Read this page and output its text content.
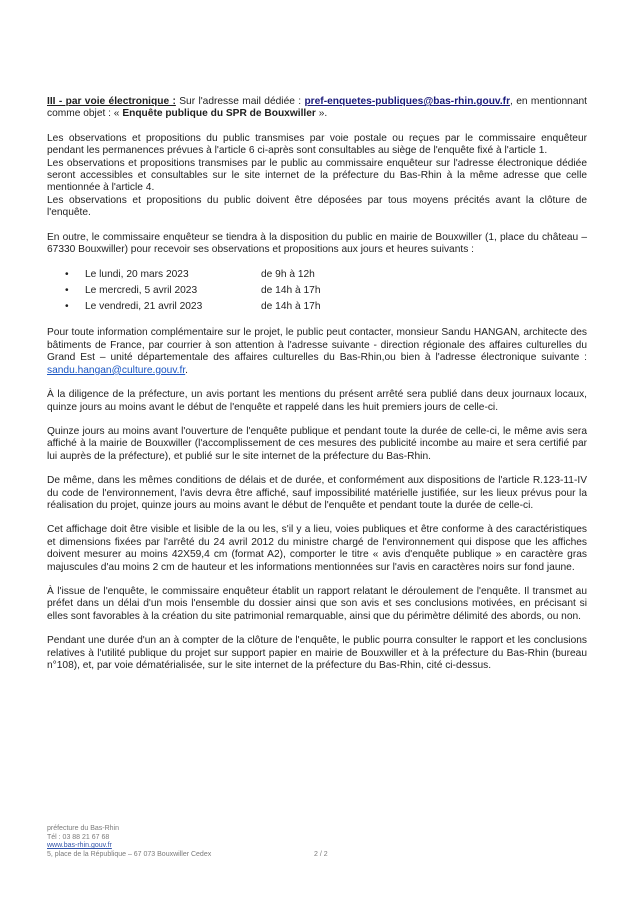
III - par voie électronique : Sur l'adresse mail dédiée : pref-enquetes-publiques@bas-rhin.gouv.fr, en mentionnant comme objet : « Enquête publique du SPR de Bouxwiller ».

Les observations et propositions du public transmises par voie postale ou reçues par le commissaire enquêteur pendant les permanences prévues à l'article 6 ci-après sont consultables au siège de l'enquête fixé à l'article 1.

Les observations et propositions transmises par le public au commissaire enquêteur sur l'adresse électronique dédiée seront accessibles et consultables sur le site internet de la préfecture du Bas-Rhin à la même adresse que celle mentionnée à l'article 4.

Les observations et propositions du public doivent être déposées par tous moyens précités avant la clôture de l'enquête.

En outre, le commissaire enquêteur se tiendra à la disposition du public en mairie de Bouxwiller (1, place du château – 67330 Bouxwiller) pour recevoir ses observations et propositions aux jours et heures suivants :

• Le lundi, 20 mars 2023	de 9h à 12h
• Le mercredi, 5 avril 2023	de 14h à 17h
• Le vendredi, 21 avril 2023	de 14h à 17h

Pour toute information complémentaire sur le projet, le public peut contacter, monsieur Sandu HANGAN, architecte des bâtiments de France, par courrier à son attention à l'adresse suivante - direction régionale des affaires culturelles du Grand Est – unité départementale des affaires culturelles du Bas-Rhin,ou bien à l'adresse électronique suivante : sandu.hangan@culture.gouv.fr.

À la diligence de la préfecture, un avis portant les mentions du présent arrêté sera publié dans deux journaux locaux, quinze jours au moins avant le début de l'enquête et rappelé dans les huit premiers jours de celle-ci.

Quinze jours au moins avant l'ouverture de l'enquête publique et pendant toute la durée de celle-ci, le même avis sera affiché à la mairie de Bouxwiller (l'accomplissement de ces mesures des publicité incombe au maire et sera certifié par lui auprès de la préfecture), et publié sur le site internet de la préfecture du Bas-Rhin.

De même, dans les mêmes conditions de délais et de durée, et conformément aux dispositions de l'article R.123-11-IV du code de l'environnement, l'avis devra être affiché, sauf impossibilité matérielle justifiée, sur les lieux prévus pour la réalisation du projet, quinze jours au moins avant le début de l'enquête et pendant toute la durée de celle-ci.

Cet affichage doit être visible et lisible de la ou les, s'il y a lieu, voies publiques et être conforme à des caractéristiques et dimensions fixées par l'arrêté du 24 avril 2012 du ministre chargé de l'environnement qui dispose que les affiches doivent mesurer au moins 42X59,4 cm (format A2), comporter le titre « avis d'enquête publique » en caractère gras majuscules d'au moins 2 cm de hauteur et les informations mentionnées sur l'avis en caractères noirs sur fond jaune.

À l'issue de l'enquête, le commissaire enquêteur établit un rapport relatant le déroulement de l'enquête. Il transmet au préfet dans un délai d'un mois l'ensemble du dossier ainsi que son avis et ses conclusions motivées, en précisant si elles sont favorables à la création du site patrimonial remarquable, ainsi que du périmètre délimité des abords, ou non.

Pendant une durée d'un an à compter de la clôture de l'enquête, le public pourra consulter le rapport et les conclusions relatives à l'utilité publique du projet sur support papier en mairie de Bouxwiller et à la préfecture du Bas-Rhin (bureau n°108), et, par voie dématérialisée, sur le site internet de la préfecture du Bas-Rhin, cité ci-dessus.

préfecture du Bas-Rhin
Tél : 03 88 21 67 68
www.bas-rhin.gouv.fr
5, place de la République – 67 073 Bouxwiller Cedex	2 / 2
